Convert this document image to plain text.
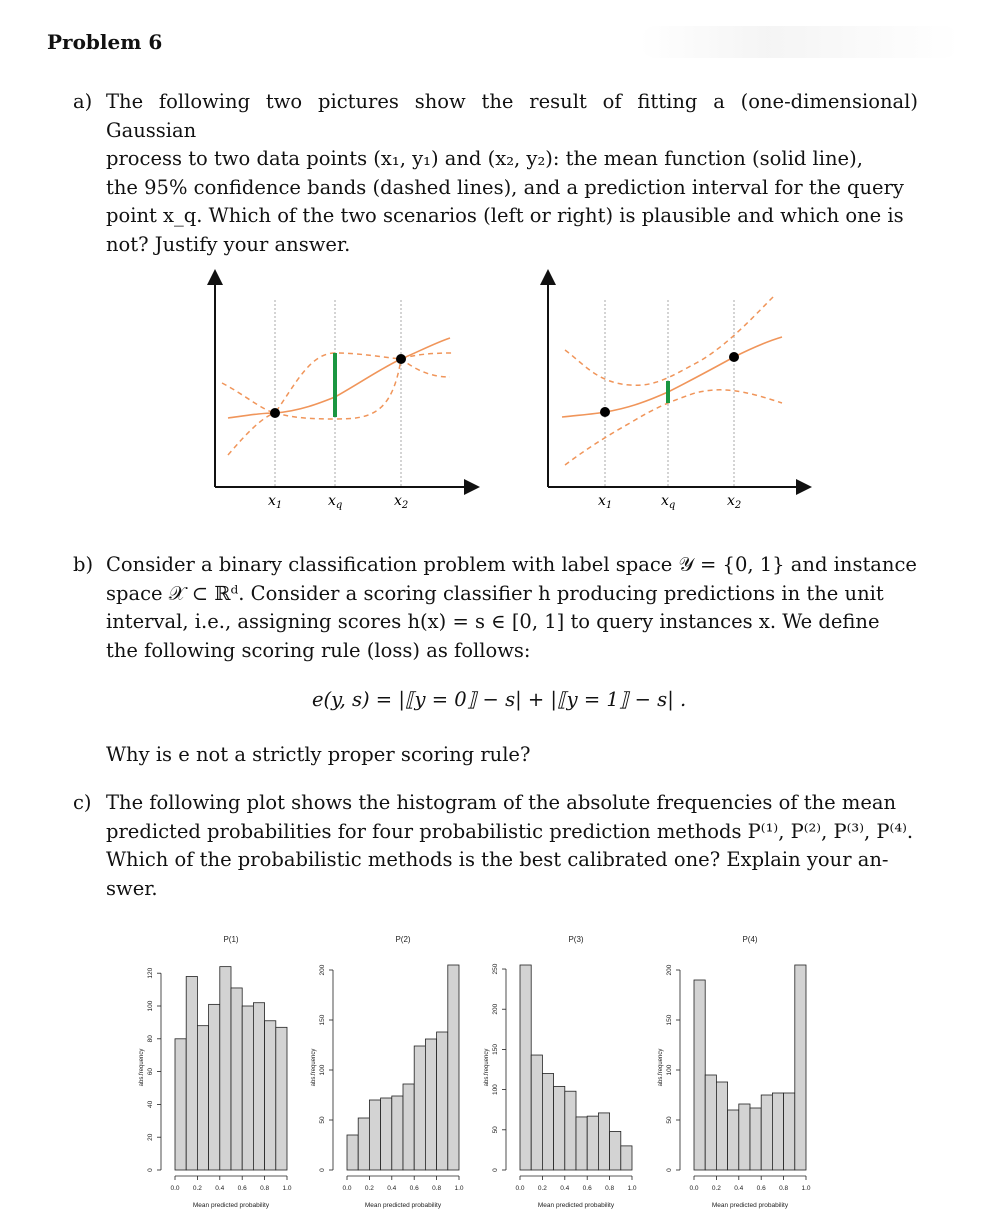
Problem 6
a) The following two pictures show the result of fitting a (one-dimensional) Gaussian
process to two data points (x₁, y₁) and (x₂, y₂): the mean function (solid line),
the 95% confidence bands (dashed lines), and a prediction interval for the query
point x_q. Which of the two scenarios (left or right) is plausible and which one is
not? Justify your answer.
$x_1$	$x_q$	$x_2$	$x_1$	$x_q$	$x_2$
b) Consider a binary classification problem with label space 𝒴 = {0, 1} and instance
space 𝒳 ⊂ ℝᵈ. Consider a scoring classifier h producing predictions in the unit
interval, i.e., assigning scores h(x) = s ∈ [0, 1] to query instances x. We define
the following scoring rule (loss) as follows:
e(y, s) = |⟦y = 0⟧ − s| + |⟦y = 1⟧ − s| .
Why is e not a strictly proper scoring rule?
c) The following plot shows the histogram of the absolute frequencies of the mean
predicted probabilities for four probabilistic prediction methods P⁽¹⁾, P⁽²⁾, P⁽³⁾, P⁽⁴⁾.
Which of the probabilistic methods is the best calibrated one? Explain your an-
swer.
P(1)
0.0 0.2 0.4 0.6 0.8 1.0
Mean predicted probability
0
20
40
60
80
100
120
abs.frequency
P(2)
0.0 0.2 0.4 0.6 0.8 1.0
Mean predicted probability
0
50
100
150
200
abs.frequency
P(3)
0.0 0.2 0.4 0.6 0.8 1.0
Mean predicted probability
0
50
100
150
200
250
abs.frequency
P(4)
0.0 0.2 0.4 0.6 0.8 1.0
Mean predicted probability
0
50
100
150
200
abs.frequency
